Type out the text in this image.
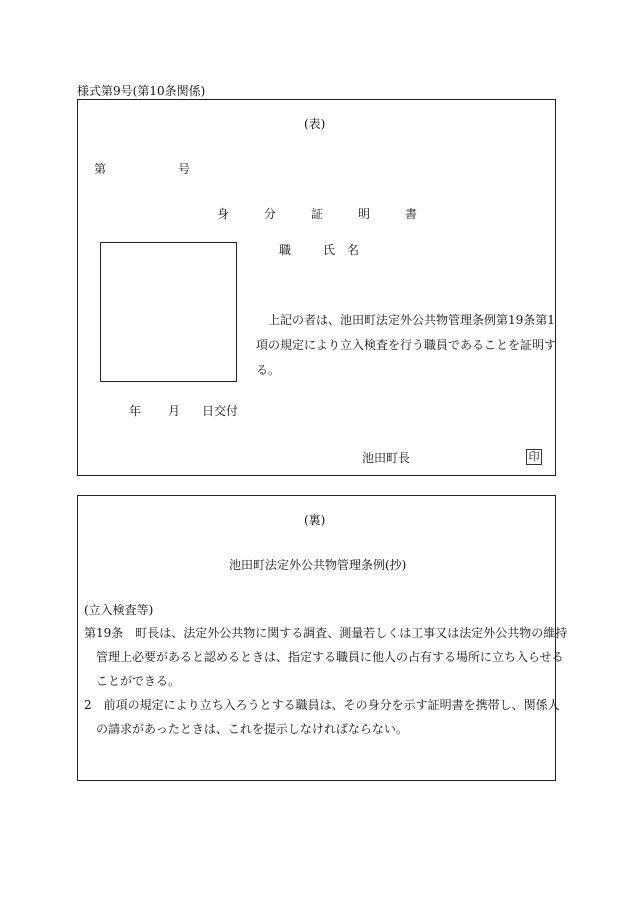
様式第9号(第10条関係)
(表)
第	号
身	分	証	明	書
職	氏　名
上記の者は、池田町法定外公共物管理条例第19条第1
項の規定により立入検査を行う職員であることを証明す
る。
年 月 日交付
池田町長	印
(裏)
池田町法定外公共物管理条例(抄)
(立入検査等)
第19条　町長は、法定外公共物に関する調査、測量若しくは工事又は法定外公共物の維持
管理上必要があると認めるときは、指定する職員に他人の占有する場所に立ち入らせる
ことができる。
2　前項の規定により立ち入ろうとする職員は、その身分を示す証明書を携帯し、関係人
の請求があったときは、これを提示しなければならない。
